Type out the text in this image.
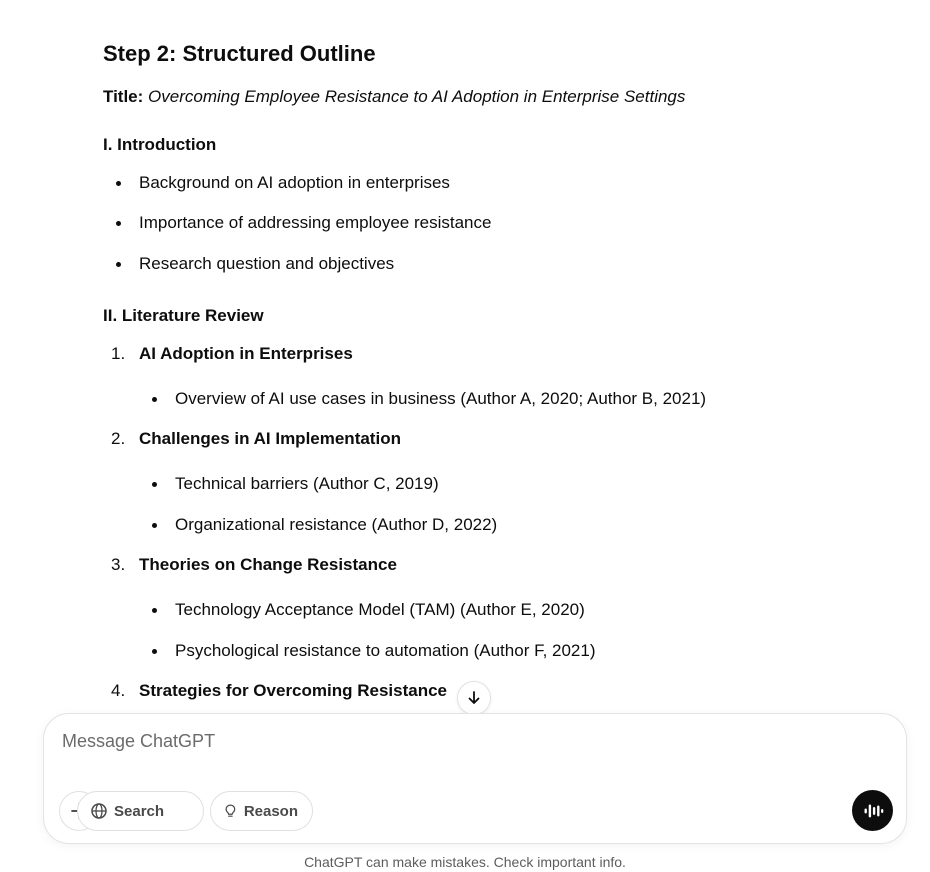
Step 2: Structured Outline
Title: Overcoming Employee Resistance to AI Adoption in Enterprise Settings
I. Introduction
Background on AI adoption in enterprises
Importance of addressing employee resistance
Research question and objectives
II. Literature Review
1. AI Adoption in Enterprises
Overview of AI use cases in business (Author A, 2020; Author B, 2021)
2. Challenges in AI Implementation
Technical barriers (Author C, 2019)
Organizational resistance (Author D, 2022)
3. Theories on Change Resistance
Technology Acceptance Model (TAM) (Author E, 2020)
Psychological resistance to automation (Author F, 2021)
4. Strategies for Overcoming Resistance
Message ChatGPT
Search	Reason
ChatGPT can make mistakes. Check important info.
